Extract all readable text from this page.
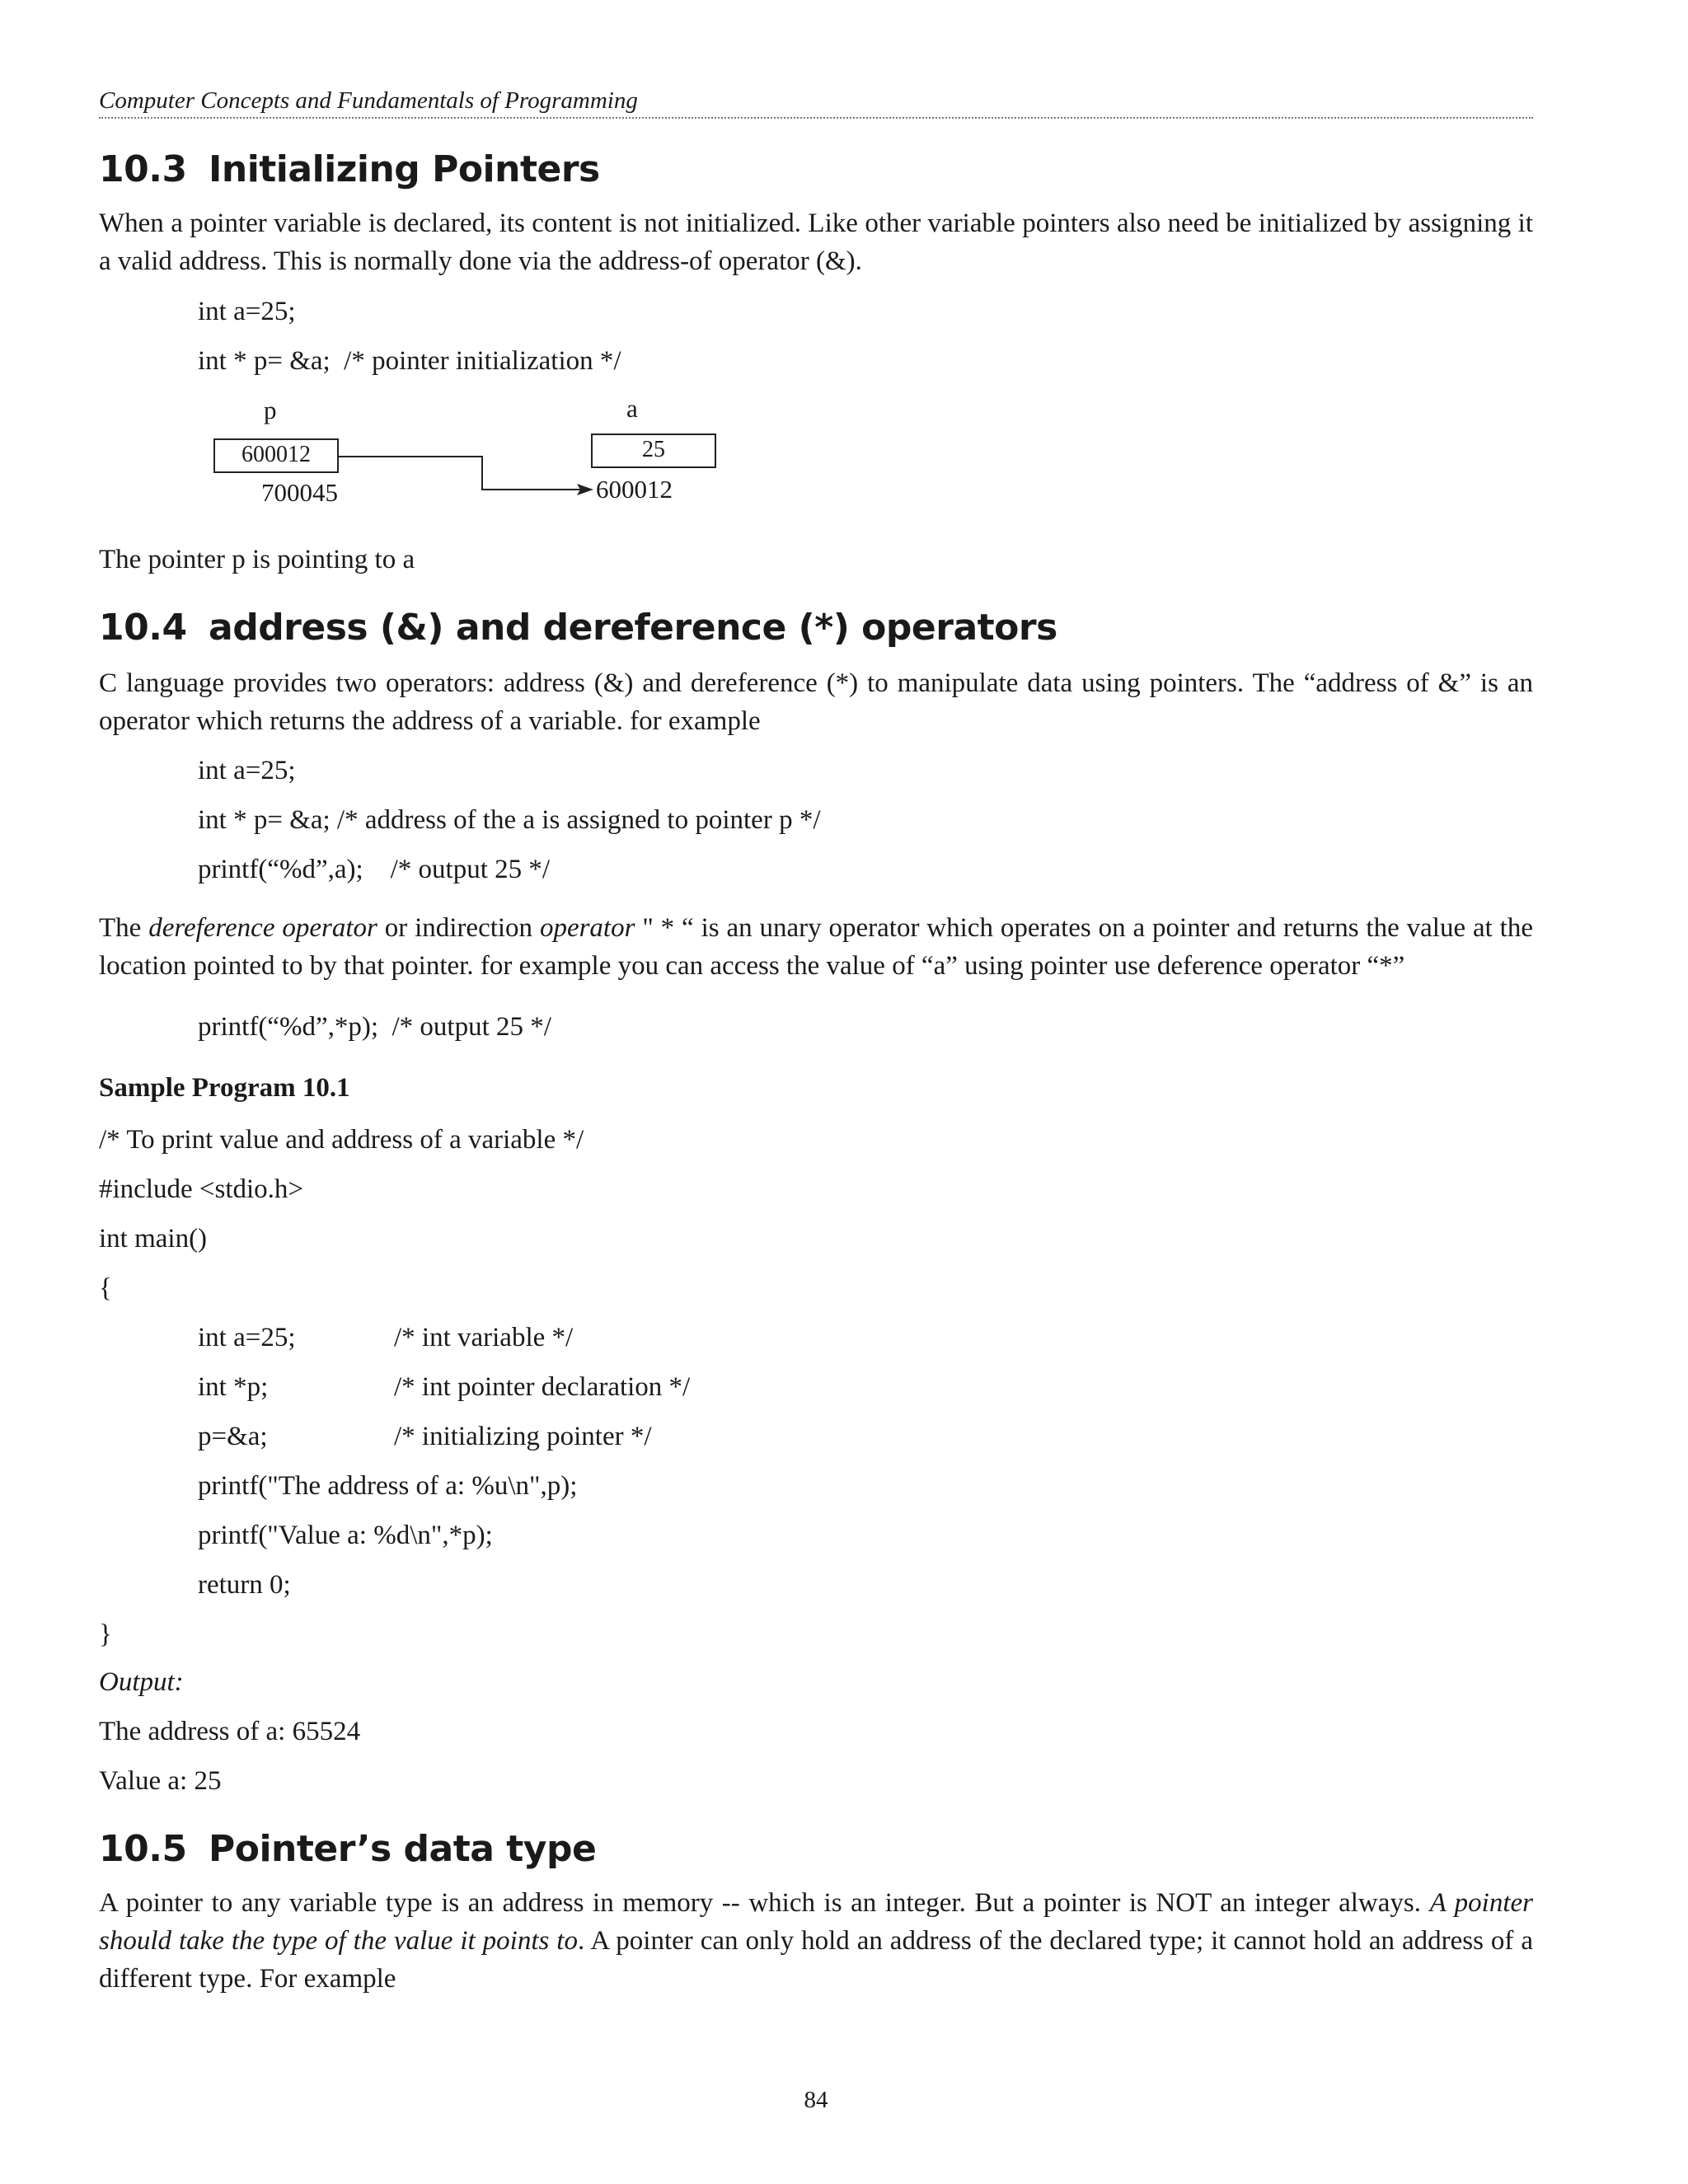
Computer Concepts and Fundamentals of Programming
10.3 Initializing Pointers

When a pointer variable is declared, its content is not initialized. Like other variable pointers also need be initialized by assigning it a valid address. This is normally done via the address-of operator (&).

int a=25;

int * p= &a;  /* pointer initialization */

p	a
600012	25
700045	600012

The pointer p is pointing to a

10.4 address (&) and dereference (*) operators

C language provides two operators: address (&) and dereference (*) to manipulate data using pointers. The “address of &” is an operator which returns the address of a variable. for example

int a=25;

int * p= &a; /* address of the a is assigned to pointer p */

printf(“%d”,a);    /* output 25 */

The dereference operator or indirection operator " * “ is an unary operator which operates on a pointer and returns the value at the location pointed to by that pointer. for example you can access the value of “a” using pointer use deference operator “*”

printf(“%d”,*p);  /* output 25 */

Sample Program 10.1

/* To print value and address of a variable */

#include <stdio.h>

int main()

{

int a=25;	/* int variable */

int *p;	/* int pointer declaration */

p=&a;	/* initializing pointer */

printf("The address of a: %u\n",p);

printf("Value a: %d\n",*p);

return 0;

}

Output:

The address of a: 65524

Value a: 25

10.5 Pointer’s data type

A pointer to any variable type is an address in memory -- which is an integer. But a pointer is NOT an integer always. A pointer should take the type of the value it points to. A pointer can only hold an address of the declared type; it cannot hold an address of a different type. For example

84
